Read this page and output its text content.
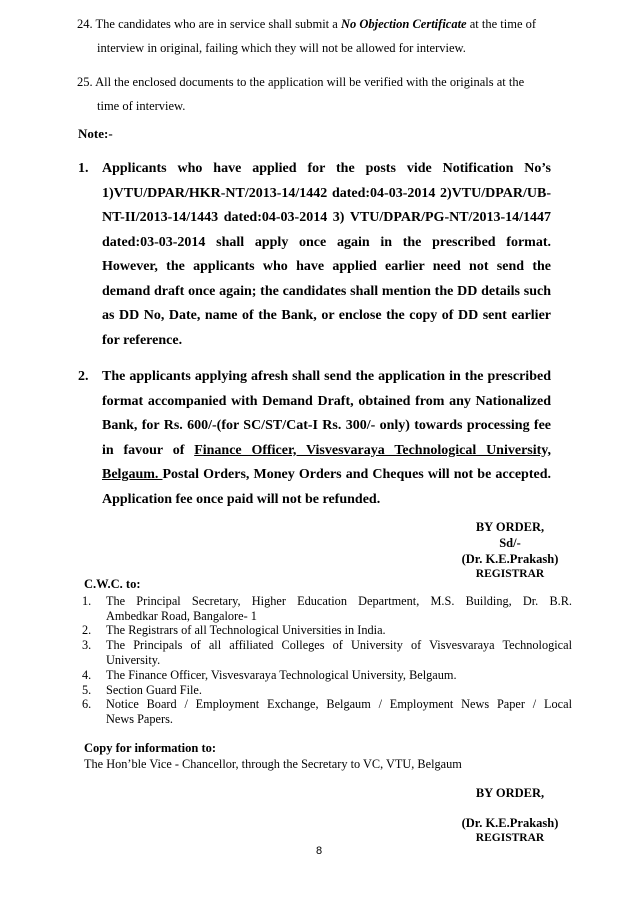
24. The candidates who are in service shall submit a No Objection Certificate at the time of
interview in original, failing which they will not be allowed for interview.
25. All the enclosed documents to the application will be verified with the originals at the
time of interview.
Note:-
1. Applicants who have applied for the posts vide Notification No’s
1)VTU/DPAR/HKR-NT/2013-14/1442 dated:04-03-2014 2)VTU/DPAR/UB-
NT-II/2013-14/1443 dated:04-03-2014 3) VTU/DPAR/PG-NT/2013-14/1447
dated:03-03-2014 shall apply once again in the prescribed format.
However, the applicants who have applied earlier need not send the
demand draft once again; the candidates shall mention the DD details such
as DD No, Date, name of the Bank, or enclose the copy of DD sent earlier
for reference.
2. The applicants applying afresh shall send the application in the prescribed
format accompanied with Demand Draft, obtained from any Nationalized
Bank, for Rs. 600/-(for SC/ST/Cat-I Rs. 300/- only) towards processing fee
in favour of Finance Officer, Visvesvaraya Technological University,
Belgaum. Postal Orders, Money Orders and Cheques will not be accepted.
Application fee once paid will not be refunded.
BY ORDER,
Sd/-
(Dr. K.E.Prakash)
REGISTRAR
C.W.C. to:
1. The Principal Secretary, Higher Education Department, M.S. Building, Dr. B.R.
Ambedkar Road, Bangalore- 1
2. The Registrars of all Technological Universities in India.
3. The Principals of all affiliated Colleges of University of Visvesvaraya Technological
University.
4. The Finance Officer, Visvesvaraya Technological University, Belgaum.
5. Section Guard File.
6. Notice Board / Employment Exchange, Belgaum / Employment News Paper / Local
News Papers.
Copy for information to:
The Hon’ble Vice - Chancellor, through the Secretary to VC, VTU, Belgaum
BY ORDER,
(Dr. K.E.Prakash)
REGISTRAR
8
